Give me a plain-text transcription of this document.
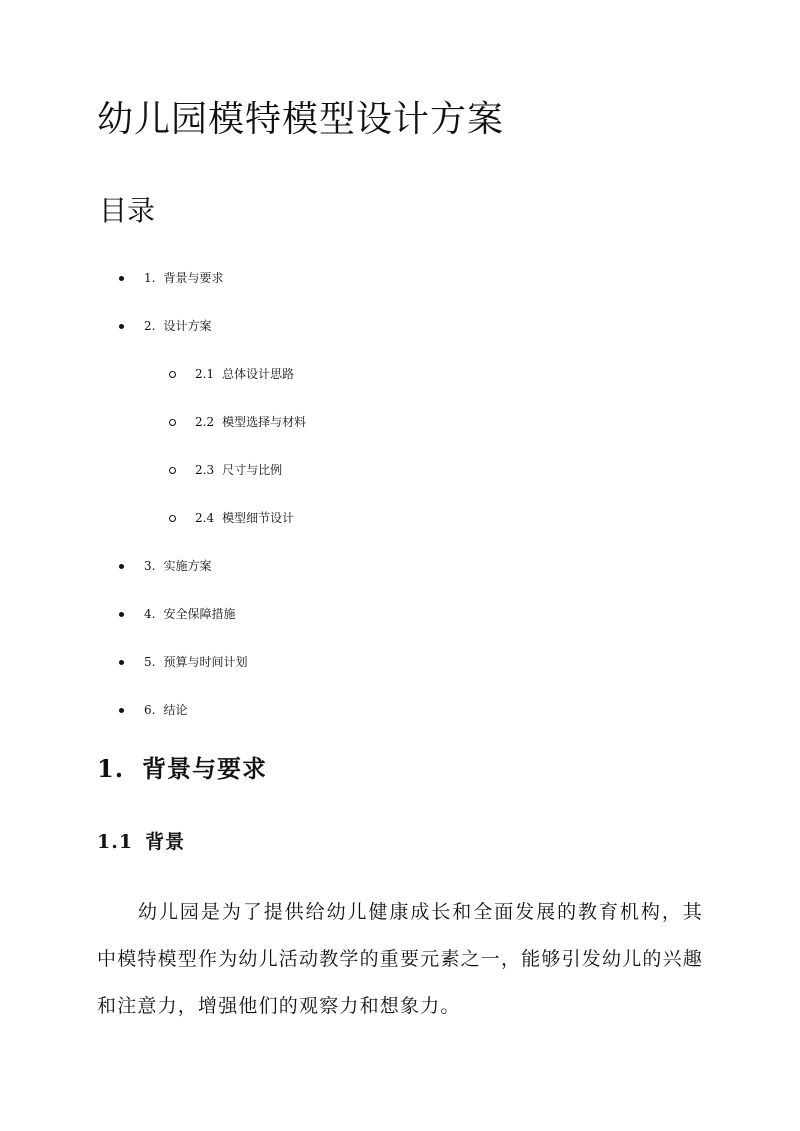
幼儿园模特模型设计方案
目录
1. 背景与要求
2. 设计方案
2.1 总体设计思路
2.2 模型选择与材料
2.3 尺寸与比例
2.4 模型细节设计
3. 实施方案
4. 安全保障措施
5. 预算与时间计划
6. 结论
1. 背景与要求
1.1 背景

幼儿园是为了提供给幼儿健康成长和全面发展的教育机构，其中模特模型作为幼儿活动教学的重要元素之一，能够引发幼儿的兴趣和注意力，增强他们的观察力和想象力。
